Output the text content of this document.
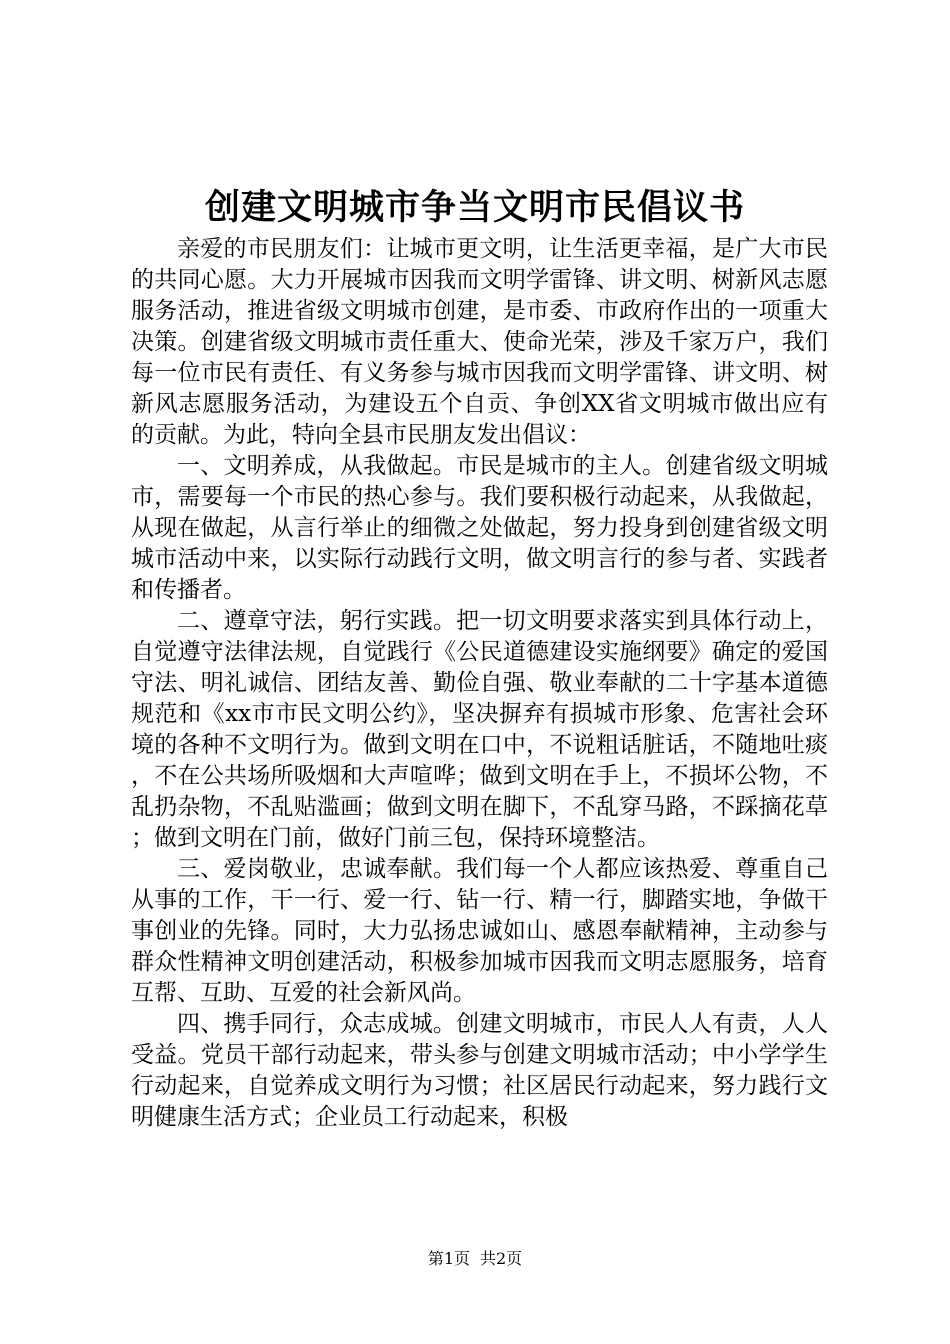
创建文明城市争当文明市民倡议书

亲爱的市民朋友们：让城市更文明，让生活更幸福，是广大市民的共同心愿。大力开展城市因我而文明学雷锋、讲文明、树新风志愿服务活动，推进省级文明城市创建，是市委、市政府作出的一项重大决策。创建省级文明城市责任重大、使命光荣，涉及千家万户，我们每一位市民有责任、有义务参与城市因我而文明学雷锋、讲文明、树新风志愿服务活动，为建设五个自贡、争创XX省文明城市做出应有的贡献。为此，特向全县市民朋友发出倡议：

一、文明养成，从我做起。市民是城市的主人。创建省级文明城市，需要每一个市民的热心参与。我们要积极行动起来，从我做起，从现在做起，从言行举止的细微之处做起，努力投身到创建省级文明城市活动中来，以实际行动践行文明，做文明言行的参与者、实践者和传播者。

二、遵章守法，躬行实践。把一切文明要求落实到具体行动上，自觉遵守法律法规，自觉践行《公民道德建设实施纲要》确定的爱国守法、明礼诚信、团结友善、勤俭自强、敬业奉献的二十字基本道德规范和《xx市市民文明公约》，坚决摒弃有损城市形象、危害社会环境的各种不文明行为。做到文明在口中，不说粗话脏话，不随地吐痰，不在公共场所吸烟和大声喧哗；做到文明在手上，不损坏公物，不乱扔杂物，不乱贴滥画；做到文明在脚下，不乱穿马路，不踩摘花草；做到文明在门前，做好门前三包，保持环境整洁。

三、爱岗敬业，忠诚奉献。我们每一个人都应该热爱、尊重自己从事的工作，干一行、爱一行、钻一行、精一行，脚踏实地，争做干事创业的先锋。同时，大力弘扬忠诚如山、感恩奉献精神，主动参与群众性精神文明创建活动，积极参加城市因我而文明志愿服务，培育互帮、互助、互爱的社会新风尚。

四、携手同行，众志成城。创建文明城市，市民人人有责，人人受益。党员干部行动起来，带头参与创建文明城市活动；中小学学生行动起来，自觉养成文明行为习惯；社区居民行动起来，努力践行文明健康生活方式；企业员工行动起来，积极

第1页 共2页
